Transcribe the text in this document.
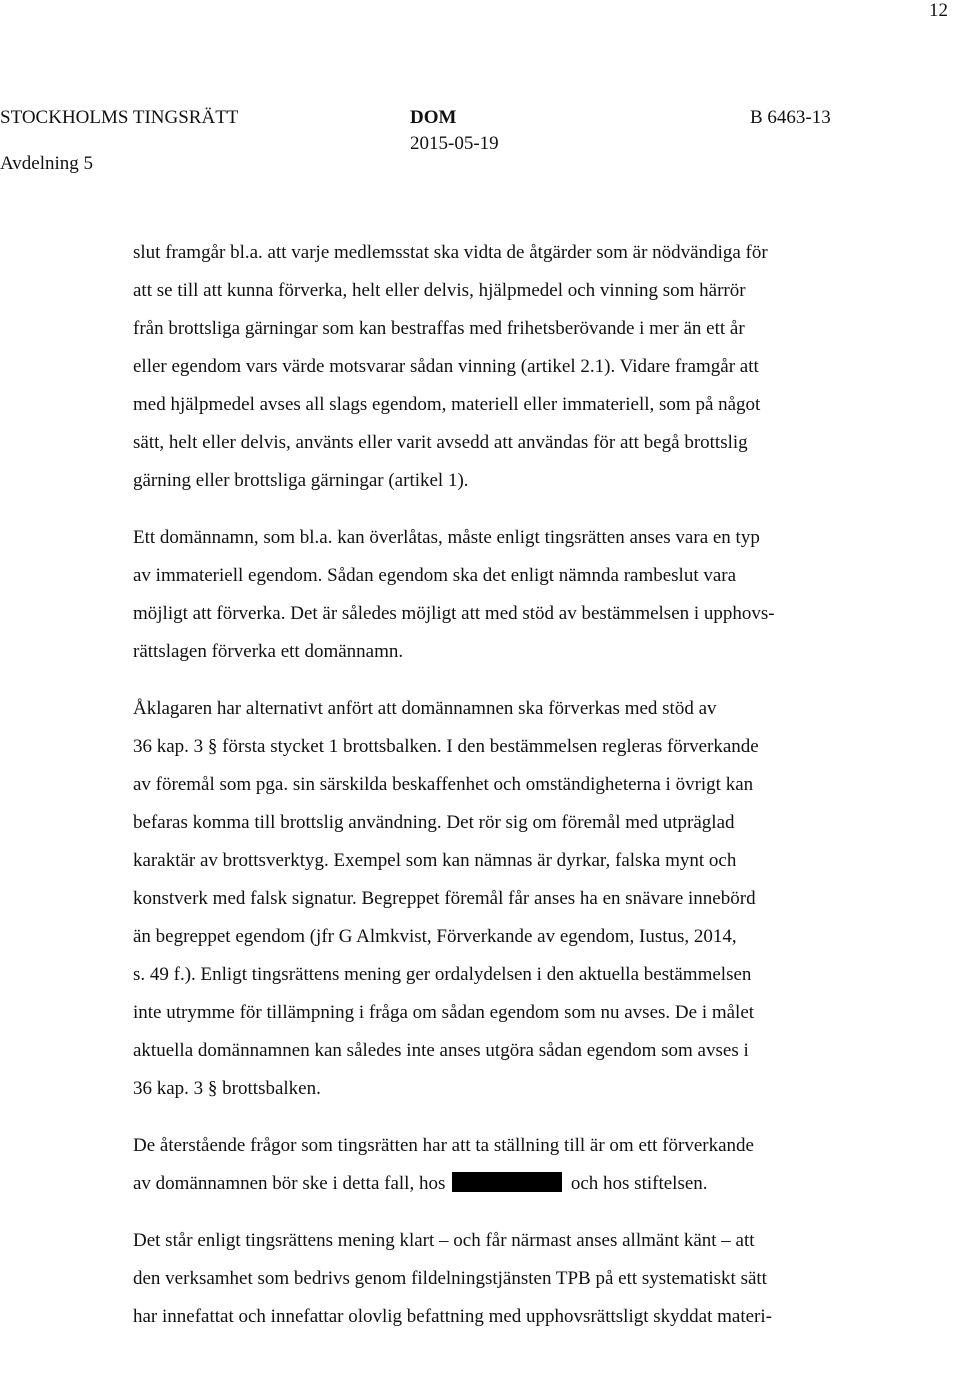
12
STOCKHOLMS TINGSRÄTT
Avdelning 5
DOM
2015-05-19
B 6463-13
slut framgår bl.a. att varje medlemsstat ska vidta de åtgärder som är nödvändiga för
att se till att kunna förverka, helt eller delvis, hjälpmedel och vinning som härrör
från brottsliga gärningar som kan bestraffas med frihetsberövande i mer än ett år
eller egendom vars värde motsvarar sådan vinning (artikel 2.1). Vidare framgår att
med hjälpmedel avses all slags egendom, materiell eller immateriell, som på något
sätt, helt eller delvis, använts eller varit avsedd att användas för att begå brottslig
gärning eller brottsliga gärningar (artikel 1).
Ett domännamn, som bl.a. kan överlåtas, måste enligt tingsrätten anses vara en typ
av immateriell egendom. Sådan egendom ska det enligt nämnda rambeslut vara
möjligt att förverka. Det är således möjligt att med stöd av bestämmelsen i upphovs-
rättslagen förverka ett domännamn.
Åklagaren har alternativt anfört att domännamnen ska förverkas med stöd av
36 kap. 3 § första stycket 1 brottsbalken. I den bestämmelsen regleras förverkande
av föremål som pga. sin särskilda beskaffenhet och omständigheterna i övrigt kan
befaras komma till brottslig användning. Det rör sig om föremål med utpräglad
karaktär av brottsverktyg. Exempel som kan nämnas är dyrkar, falska mynt och
konstverk med falsk signatur. Begreppet föremål får anses ha en snävare innebörd
än begreppet egendom (jfr G Almkvist, Förverkande av egendom, Iustus, 2014,
s. 49 f.). Enligt tingsrättens mening ger ordalydelsen i den aktuella bestämmelsen
inte utrymme för tillämpning i fråga om sådan egendom som nu avses. De i målet
aktuella domännamnen kan således inte anses utgöra sådan egendom som avses i
36 kap. 3 § brottsbalken.
De återstående frågor som tingsrätten har att ta ställning till är om ett förverkande
av domännamnen bör ske i detta fall, hos	och hos stiftelsen.
Det står enligt tingsrättens mening klart – och får närmast anses allmänt känt – att
den verksamhet som bedrivs genom fildelningstjänsten TPB på ett systematiskt sätt
har innefattat och innefattar olovlig befattning med upphovsrättsligt skyddat materi-
